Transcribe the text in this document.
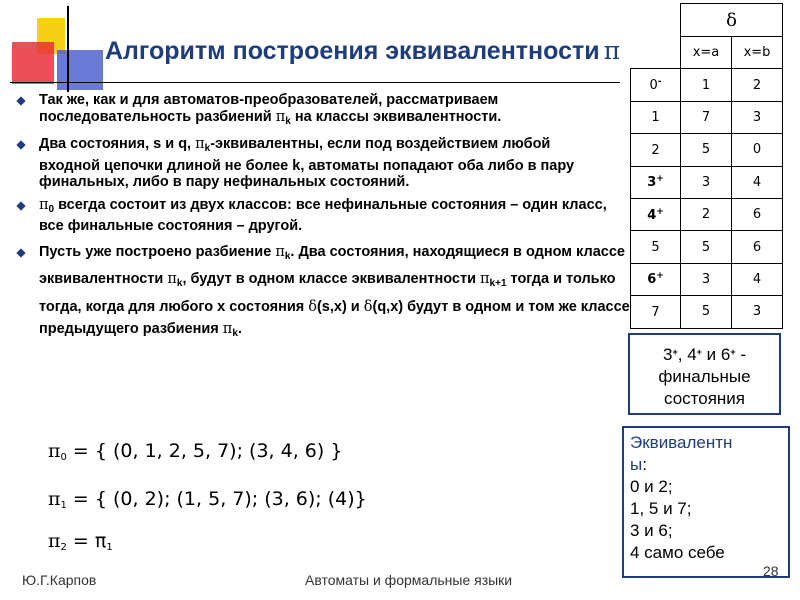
Алгоритм построения эквивалентности π
Так же, как и для автоматов-преобразователей, рассматриваем последовательность разбиений $\pi_k$ на классы эквивалентности.
Два состояния, s и q, $\pi_k$-эквивалентны, если под воздействием любой входной цепочки длиной не более k, автоматы попадают оба либо в пару финальных, либо в пару нефинальных состояний.
$\pi_0$ всегда состоит из двух классов: все нефинальные состояния – один класс, все финальные состояния – другой.
Пусть уже построено разбиение $\pi_k$. Два состояния, находящиеся в одном классе эквивалентности $\pi_k$, будут в одном классе эквивалентности $\pi_{k+1}$ тогда и только тогда, когда для любого x состояния δ(s,x) и δ(q,x) будут в одном и том же классе предыдущего разбиения $\pi_k$.
$\pi_0$ = { (0, 1, 2, 5, 7); (3, 4, 6) }
$\pi_1$ = { (0, 2); (1, 5, 7); (3, 6); (4)}
$\pi_2 = \pi_1$
	δ	
	x=a	x=b
0-	1	2
1	7	3
2	5	0
3+	3	4
4+	2	6
5	5	6
6+	3	4
7	5	3
3+, 4+ и 6+ -
финальные
состояния
Эквивалентн
ы:
0 и 2;
1, 5 и 7;
3 и 6;
4 само себе
Ю.Г.Карпов	Автоматы и формальные языки
28
